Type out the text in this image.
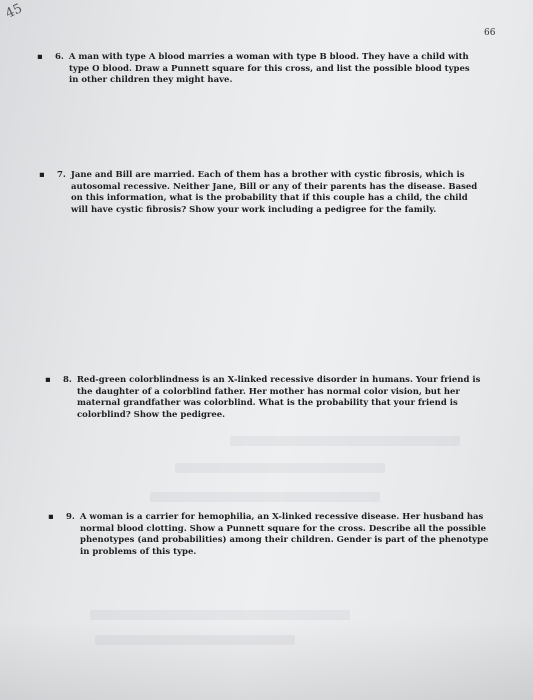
45
66
▪ 6. A man with type A blood marries a woman with type B blood. They have a child with type O blood. Draw a Punnett square for this cross, and list the possible blood types in other children they might have.

▪ 7. Jane and Bill are married. Each of them has a brother with cystic fibrosis, which is autosomal recessive. Neither Jane, Bill or any of their parents has the disease. Based on this information, what is the probability that if this couple has a child, the child will have cystic fibrosis? Show your work including a pedigree for the family.

▪ 8. Red-green colorblindness is an X-linked recessive disorder in humans. Your friend is the daughter of a colorblind father. Her mother has normal color vision, but her maternal grandfather was colorblind. What is the probability that your friend is colorblind? Show the pedigree.

▪ 9. A woman is a carrier for hemophilia, an X-linked recessive disease. Her husband has normal blood clotting. Show a Punnett square for the cross. Describe all the possible phenotypes (and probabilities) among their children. Gender is part of the phenotype in problems of this type.
